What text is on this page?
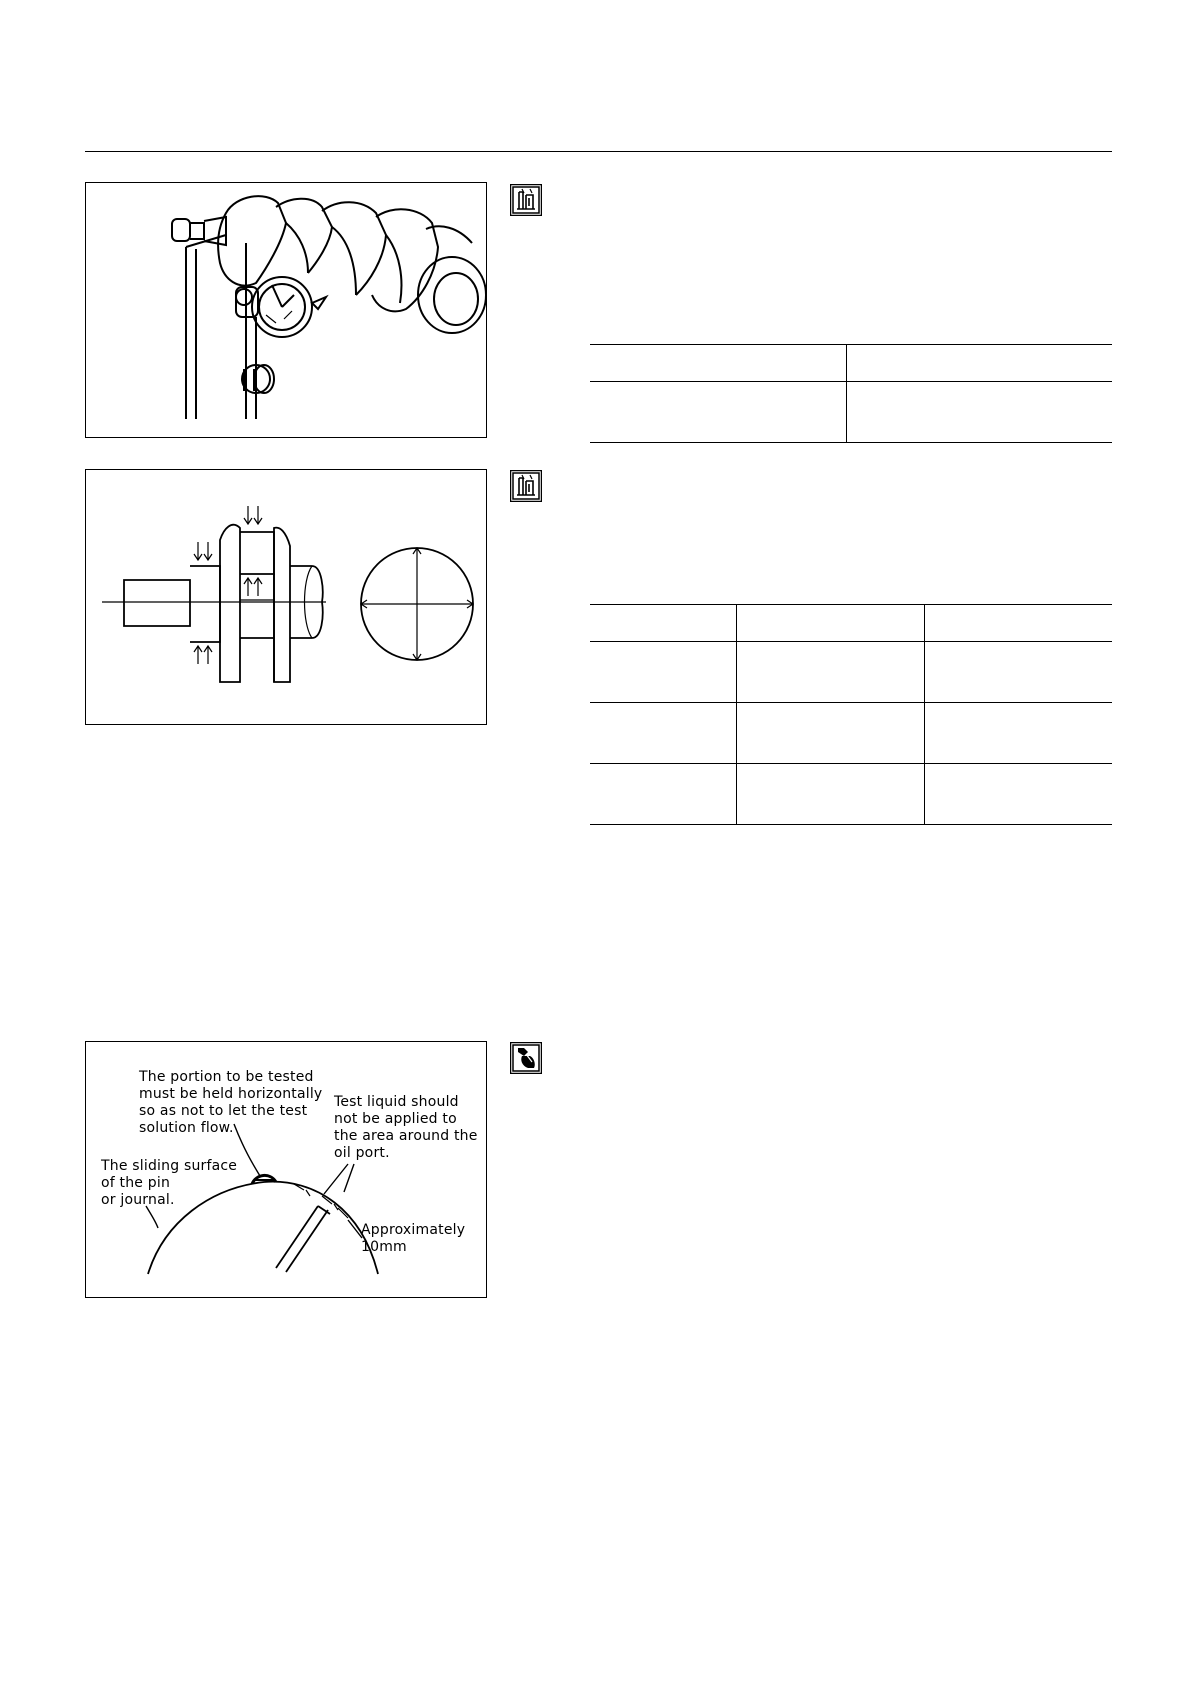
The portion to be tested
must be held horizontally
so as not to let the test
solution flow.
The sliding surface
of the pin
or journal.
Test liquid should
not be applied to
the area around the
oil port.
Approximately
10mm
